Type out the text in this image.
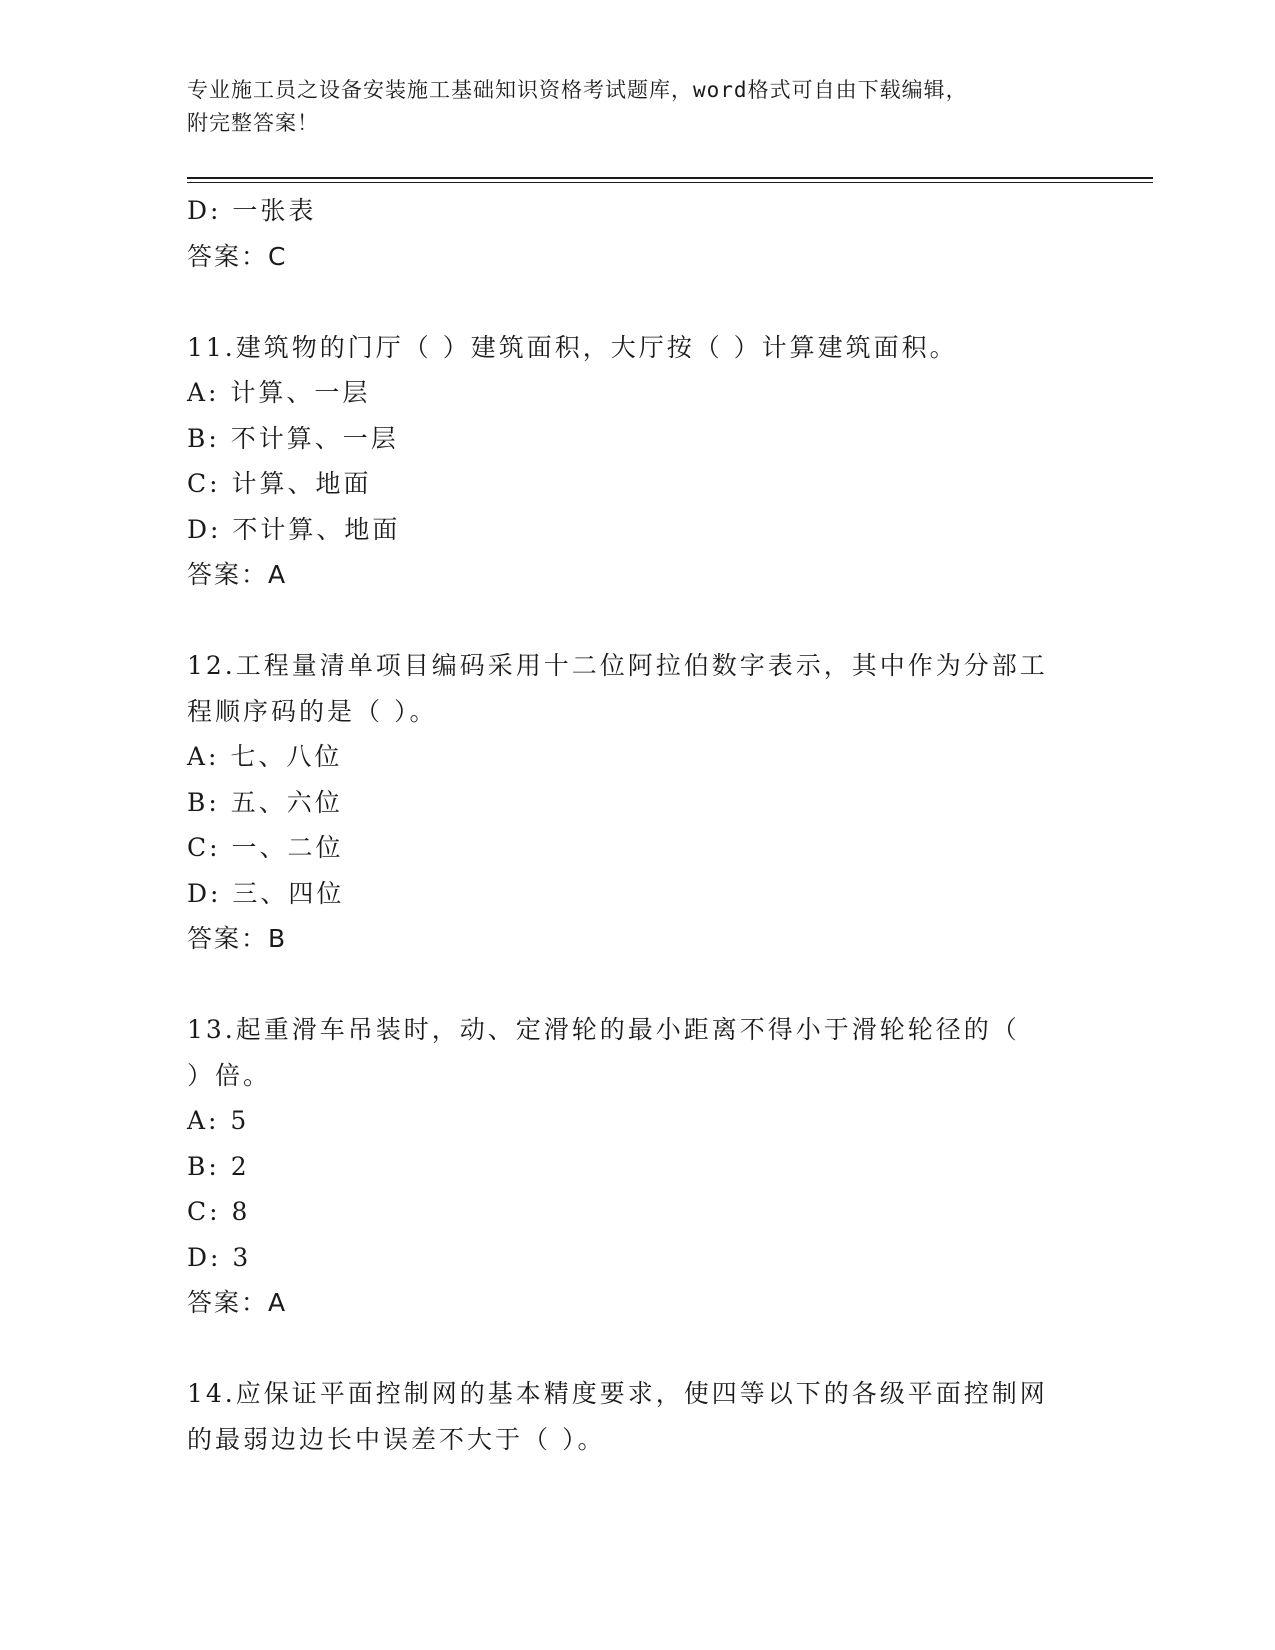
专业施工员之设备安装施工基础知识资格考试题库，word格式可自由下载编辑，
附完整答案！
D: 一张表
答案：C
11.建筑物的门厅（ ）建筑面积，大厅按（ ）计算建筑面积。
A: 计算、一层
B: 不计算、一层
C: 计算、地面
D: 不计算、地面
答案：A
12.工程量清单项目编码采用十二位阿拉伯数字表示，其中作为分部工
程顺序码的是（ ）。
A: 七、八位
B: 五、六位
C: 一、二位
D: 三、四位
答案：B
13.起重滑车吊装时，动、定滑轮的最小距离不得小于滑轮轮径的（
）倍。
A: 5
B: 2
C: 8
D: 3
答案：A
14.应保证平面控制网的基本精度要求，使四等以下的各级平面控制网
的最弱边边长中误差不大于（ ）。
